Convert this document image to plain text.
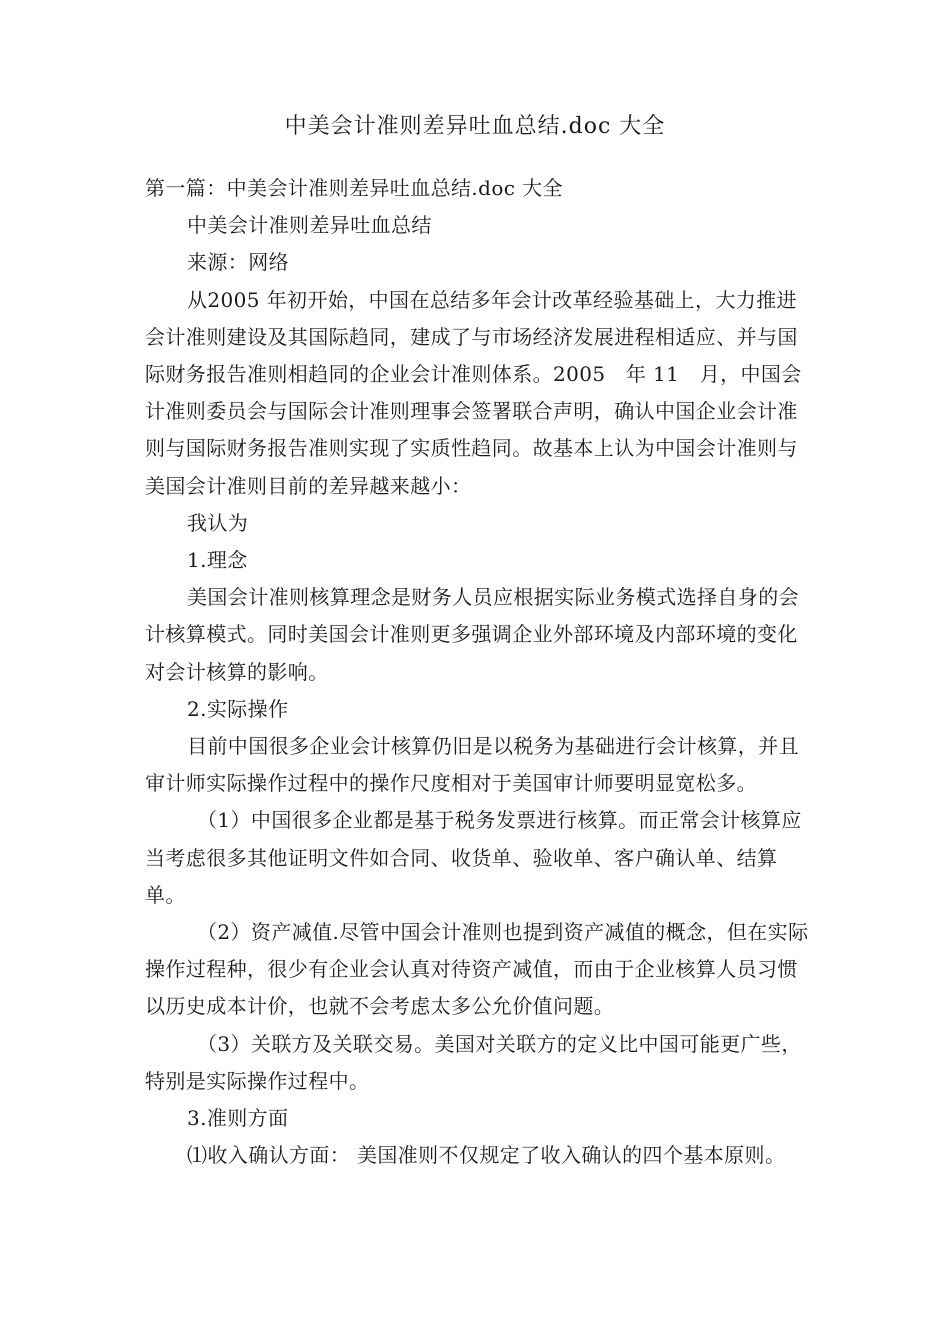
中美会计准则差异吐血总结.doc 大全

第一篇：中美会计准则差异吐血总结.doc 大全

中美会计准则差异吐血总结

来源：网络

从2005 年初开始，中国在总结多年会计改革经验基础上，大力推进会计准则建设及其国际趋同，建成了与市场经济发展进程相适应、并与国际财务报告准则相趋同的企业会计准则体系。2005　年 11　月，中国会计准则委员会与国际会计准则理事会签署联合声明，确认中国企业会计准则与国际财务报告准则实现了实质性趋同。故基本上认为中国会计准则与美国会计准则目前的差异越来越小：

我认为

1.理念

美国会计准则核算理念是财务人员应根据实际业务模式选择自身的会计核算模式。同时美国会计准则更多强调企业外部环境及内部环境的变化对会计核算的影响。

2.实际操作

目前中国很多企业会计核算仍旧是以税务为基础进行会计核算，并且审计师实际操作过程中的操作尺度相对于美国审计师要明显宽松多。

（1）中国很多企业都是基于税务发票进行核算。而正常会计核算应当考虑很多其他证明文件如合同、收货单、验收单、客户确认单、结算单。

（2）资产减值.尽管中国会计准则也提到资产减值的概念，但在实际操作过程种，很少有企业会认真对待资产减值，而由于企业核算人员习惯以历史成本计价，也就不会考虑太多公允价值问题。

（3）关联方及关联交易。美国对关联方的定义比中国可能更广些，特别是实际操作过程中。

3.准则方面

⑴收入确认方面： 美国准则不仅规定了收入确认的四个基本原则。
